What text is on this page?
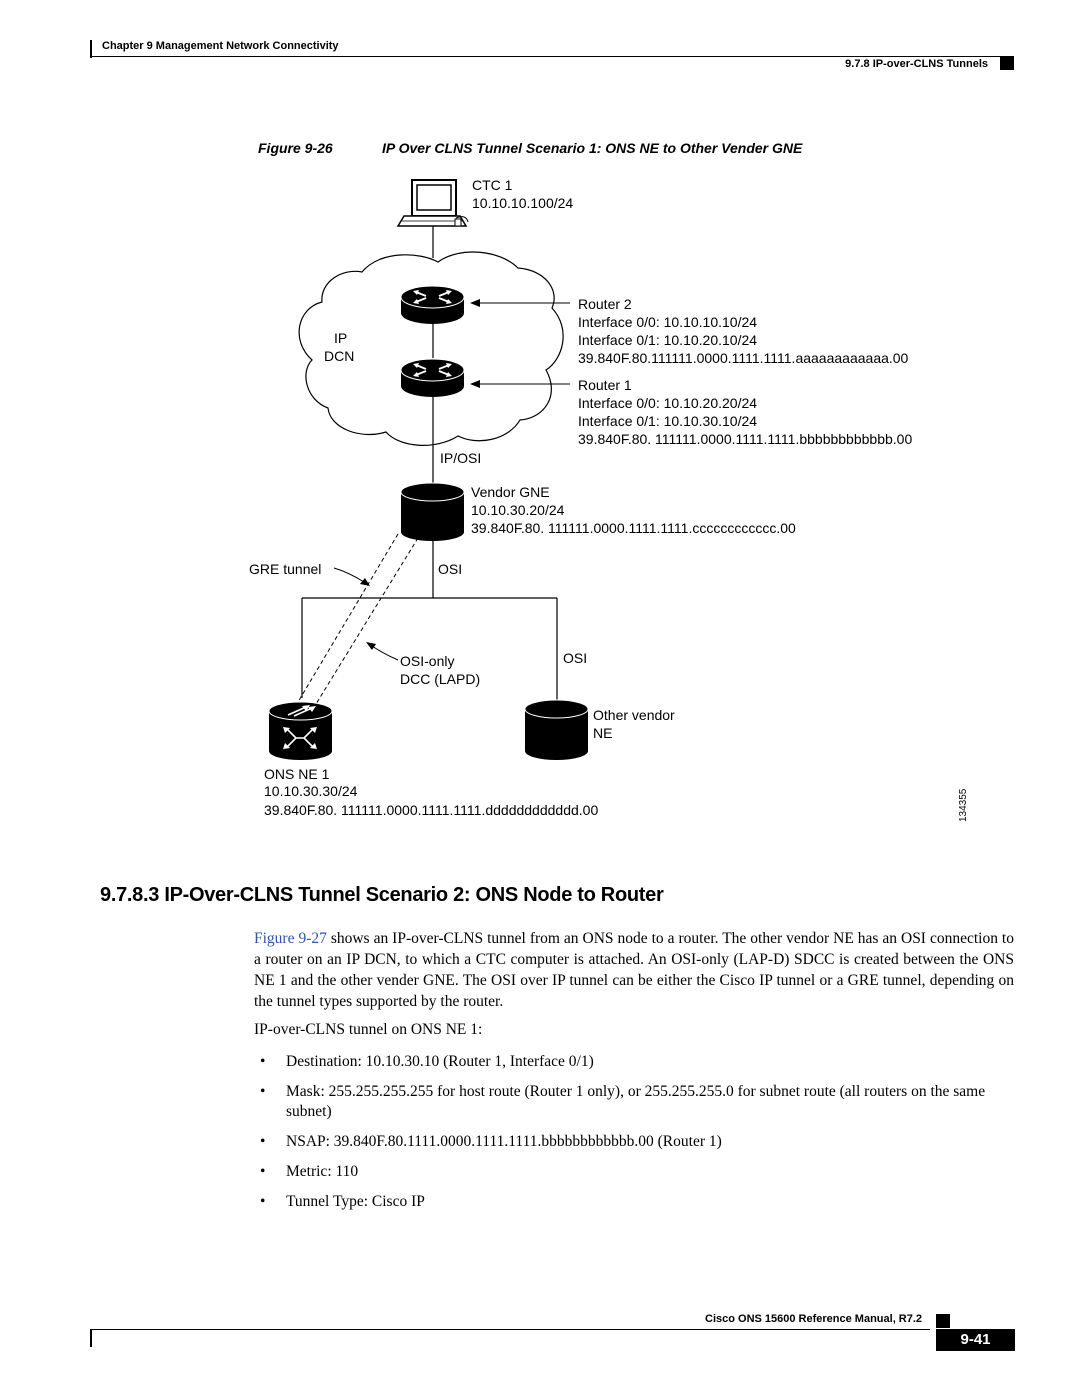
Chapter 9 Management Network Connectivity
9.7.8 IP-over-CLNS Tunnels
Figure 9-26	IP Over CLNS Tunnel Scenario 1: ONS NE to Other Vender GNE
CTC 1
10.10.10.100/24
IP
DCN
Router 2
Interface 0/0: 10.10.10.10/24
Interface 0/1: 10.10.20.10/24
39.840F.80.111111.0000.1111.1111.aaaaaaaaaaaa.00
Router 1
Interface 0/0: 10.10.20.20/24
Interface 0/1: 10.10.30.10/24
39.840F.80. 111111.0000.1111.1111.bbbbbbbbbbbb.00
IP/OSI
Vendor GNE
10.10.30.20/24
39.840F.80. 111111.0000.1111.1111.cccccccccccc.00
OSI
OSI
GRE tunnel
OSI-only
DCC (LAPD)
ONS NE 1
10.10.30.30/24
39.840F.80. 111111.0000.1111.1111.dddddddddddd.00
Other vendor
NE
134355
9.7.8.3 IP-Over-CLNS Tunnel Scenario 2: ONS Node to Router
Figure 9-27 shows an IP-over-CLNS tunnel from an ONS node to a router. The other vendor NE has an OSI connection to a router on an IP DCN, to which a CTC computer is attached. An OSI-only (LAP-D) SDCC is created between the ONS NE 1 and the other vender GNE. The OSI over IP tunnel can be either the Cisco IP tunnel or a GRE tunnel, depending on the tunnel types supported by the router.
IP-over-CLNS tunnel on ONS NE 1:
• Destination: 10.10.30.10 (Router 1, Interface 0/1)
• Mask: 255.255.255.255 for host route (Router 1 only), or 255.255.255.0 for subnet route (all routers on the same subnet)
• NSAP: 39.840F.80.1111.0000.1111.1111.bbbbbbbbbbbb.00 (Router 1)
• Metric: 110
• Tunnel Type: Cisco IP
Cisco ONS 15600 Reference Manual, R7.2
9-41
